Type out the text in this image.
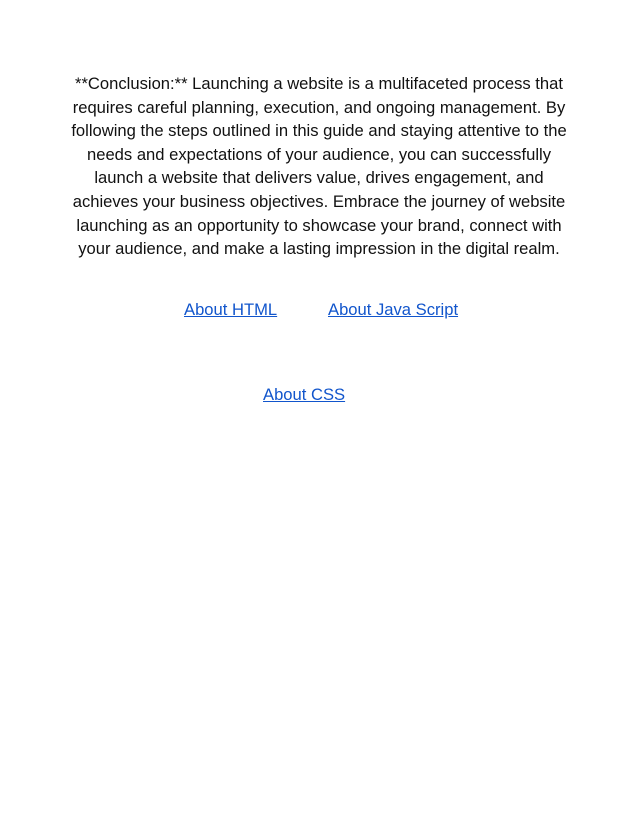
**Conclusion:** Launching a website is a multifaceted process that requires careful planning, execution, and ongoing management. By following the steps outlined in this guide and staying attentive to the needs and expectations of your audience, you can successfully launch a website that delivers value, drives engagement, and achieves your business objectives. Embrace the journey of website launching as an opportunity to showcase your brand, connect with your audience, and make a lasting impression in the digital realm.

About HTML	About Java Script
About CSS
